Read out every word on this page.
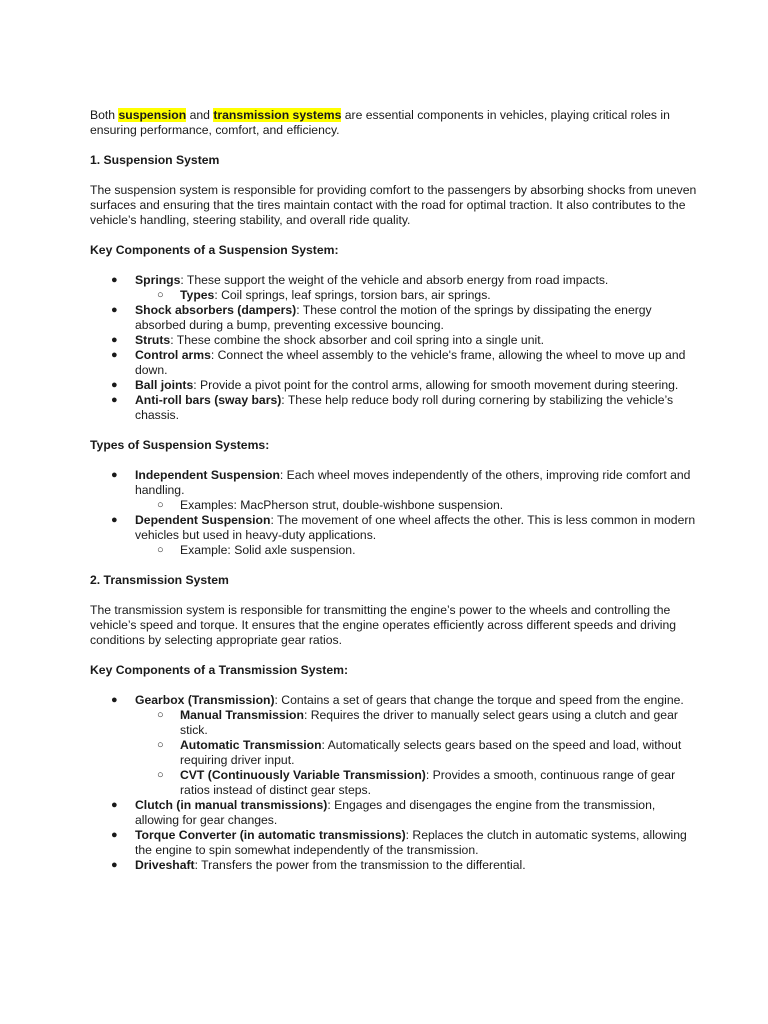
Both suspension and transmission systems are essential components in vehicles, playing critical roles in ensuring performance, comfort, and efficiency.

1. Suspension System

The suspension system is responsible for providing comfort to the passengers by absorbing shocks from uneven surfaces and ensuring that the tires maintain contact with the road for optimal traction. It also contributes to the vehicle’s handling, steering stability, and overall ride quality.

Key Components of a Suspension System:

● Springs: These support the weight of the vehicle and absorb energy from road impacts.
○ Types: Coil springs, leaf springs, torsion bars, air springs.
● Shock absorbers (dampers): These control the motion of the springs by dissipating the energy absorbed during a bump, preventing excessive bouncing.
● Struts: These combine the shock absorber and coil spring into a single unit.
● Control arms: Connect the wheel assembly to the vehicle's frame, allowing the wheel to move up and down.
● Ball joints: Provide a pivot point for the control arms, allowing for smooth movement during steering.
● Anti-roll bars (sway bars): These help reduce body roll during cornering by stabilizing the vehicle’s chassis.

Types of Suspension Systems:

● Independent Suspension: Each wheel moves independently of the others, improving ride comfort and handling.
○ Examples: MacPherson strut, double-wishbone suspension.
● Dependent Suspension: The movement of one wheel affects the other. This is less common in modern vehicles but used in heavy-duty applications.
○ Example: Solid axle suspension.

2. Transmission System

The transmission system is responsible for transmitting the engine’s power to the wheels and controlling the vehicle’s speed and torque. It ensures that the engine operates efficiently across different speeds and driving conditions by selecting appropriate gear ratios.

Key Components of a Transmission System:

● Gearbox (Transmission): Contains a set of gears that change the torque and speed from the engine.
○ Manual Transmission: Requires the driver to manually select gears using a clutch and gear stick.
○ Automatic Transmission: Automatically selects gears based on the speed and load, without requiring driver input.
○ CVT (Continuously Variable Transmission): Provides a smooth, continuous range of gear ratios instead of distinct gear steps.
● Clutch (in manual transmissions): Engages and disengages the engine from the transmission, allowing for gear changes.
● Torque Converter (in automatic transmissions): Replaces the clutch in automatic systems, allowing the engine to spin somewhat independently of the transmission.
● Driveshaft: Transfers the power from the transmission to the differential.
